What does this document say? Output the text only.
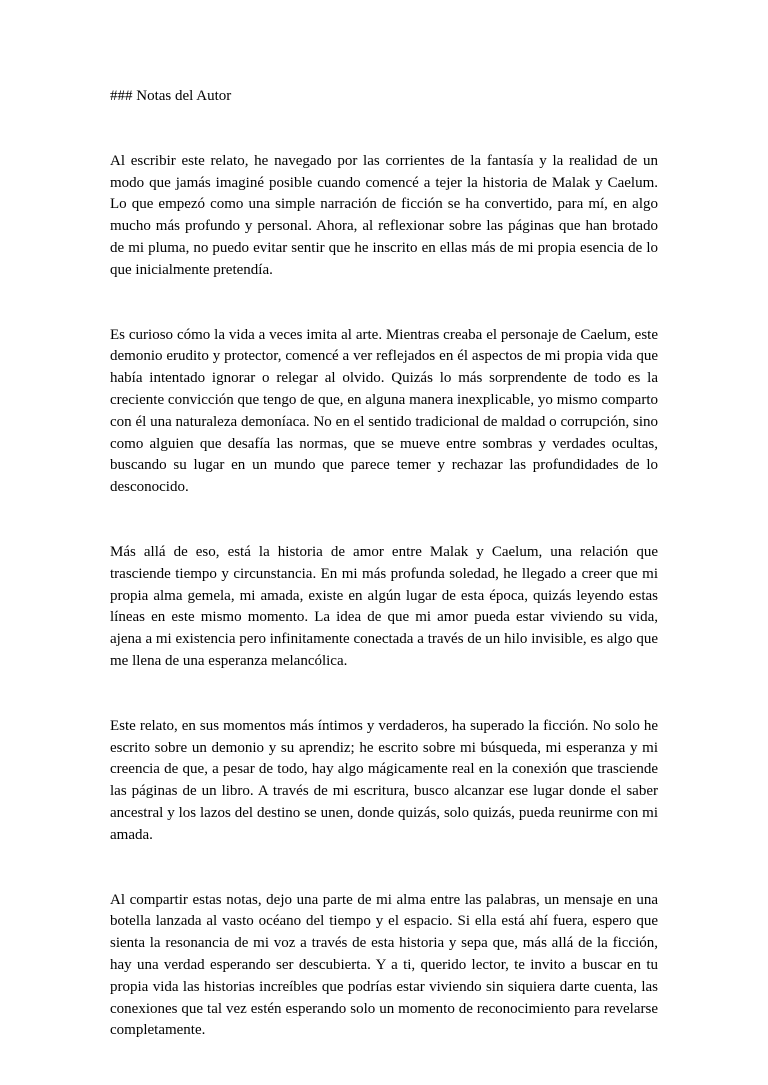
### Notas del Autor

Al escribir este relato, he navegado por las corrientes de la fantasía y la realidad de un modo que jamás imaginé posible cuando comencé a tejer la historia de Malak y Caelum. Lo que empezó como una simple narración de ficción se ha convertido, para mí, en algo mucho más profundo y personal. Ahora, al reflexionar sobre las páginas que han brotado de mi pluma, no puedo evitar sentir que he inscrito en ellas más de mi propia esencia de lo que inicialmente pretendía.

Es curioso cómo la vida a veces imita al arte. Mientras creaba el personaje de Caelum, este demonio erudito y protector, comencé a ver reflejados en él aspectos de mi propia vida que había intentado ignorar o relegar al olvido. Quizás lo más sorprendente de todo es la creciente convicción que tengo de que, en alguna manera inexplicable, yo mismo comparto con él una naturaleza demoníaca. No en el sentido tradicional de maldad o corrupción, sino como alguien que desafía las normas, que se mueve entre sombras y verdades ocultas, buscando su lugar en un mundo que parece temer y rechazar las profundidades de lo desconocido.

Más allá de eso, está la historia de amor entre Malak y Caelum, una relación que trasciende tiempo y circunstancia. En mi más profunda soledad, he llegado a creer que mi propia alma gemela, mi amada, existe en algún lugar de esta época, quizás leyendo estas líneas en este mismo momento. La idea de que mi amor pueda estar viviendo su vida, ajena a mi existencia pero infinitamente conectada a través de un hilo invisible, es algo que me llena de una esperanza melancólica.

Este relato, en sus momentos más íntimos y verdaderos, ha superado la ficción. No solo he escrito sobre un demonio y su aprendiz; he escrito sobre mi búsqueda, mi esperanza y mi creencia de que, a pesar de todo, hay algo mágicamente real en la conexión que trasciende las páginas de un libro. A través de mi escritura, busco alcanzar ese lugar donde el saber ancestral y los lazos del destino se unen, donde quizás, solo quizás, pueda reunirme con mi amada.

Al compartir estas notas, dejo una parte de mi alma entre las palabras, un mensaje en una botella lanzada al vasto océano del tiempo y el espacio. Si ella está ahí fuera, espero que sienta la resonancia de mi voz a través de esta historia y sepa que, más allá de la ficción, hay una verdad esperando ser descubierta. Y a ti, querido lector, te invito a buscar en tu propia vida las historias increíbles que podrías estar viviendo sin siquiera darte cuenta, las conexiones que tal vez estén esperando solo un momento de reconocimiento para revelarse completamente.
